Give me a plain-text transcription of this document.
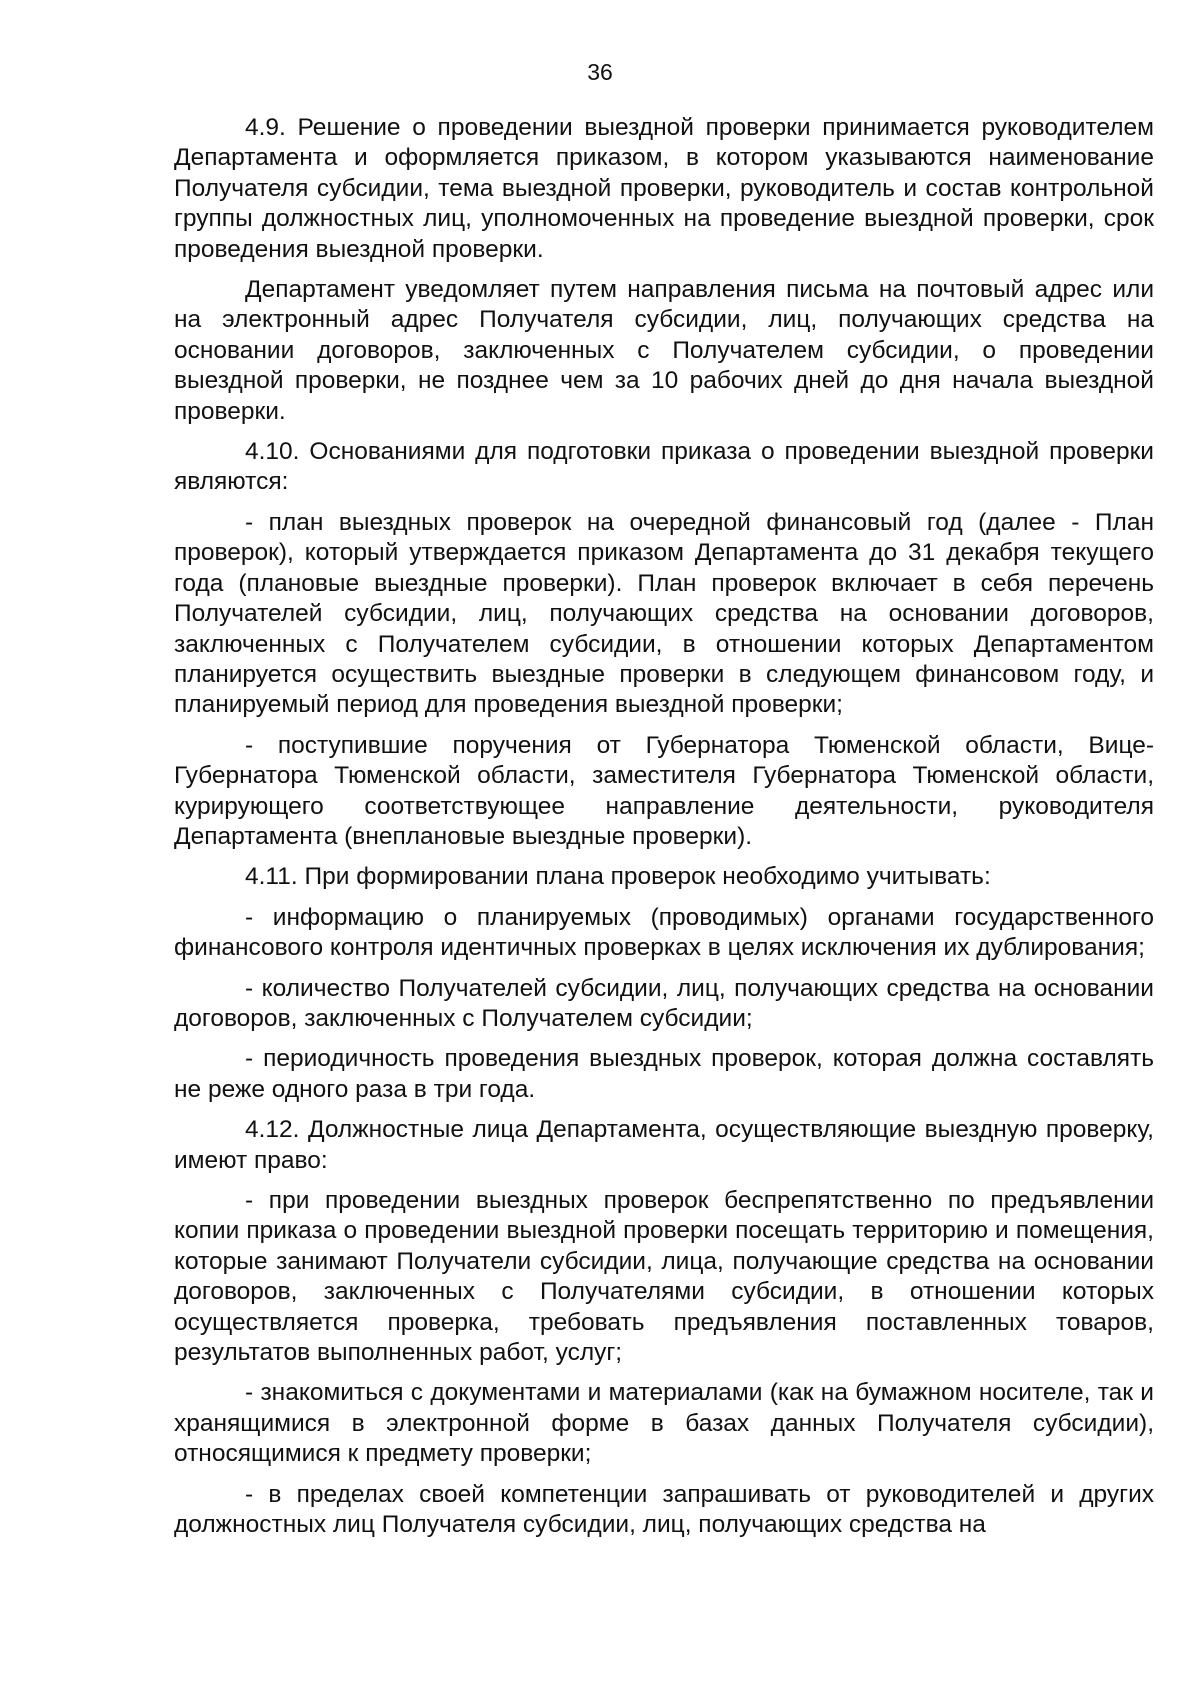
36

4.9. Решение о проведении выездной проверки принимается руководителем Департамента и оформляется приказом, в котором указываются наименование Получателя субсидии, тема выездной проверки, руководитель и состав контрольной группы должностных лиц, уполномоченных на проведение выездной проверки, срок проведения выездной проверки.

Департамент уведомляет путем направления письма на почтовый адрес или на электронный адрес Получателя субсидии, лиц, получающих средства на основании договоров, заключенных с Получателем субсидии, о проведении выездной проверки, не позднее чем за 10 рабочих дней до дня начала выездной проверки.

4.10. Основаниями для подготовки приказа о проведении выездной проверки являются:

- план выездных проверок на очередной финансовый год (далее - План проверок), который утверждается приказом Департамента до 31 декабря текущего года (плановые выездные проверки). План проверок включает в себя перечень Получателей субсидии, лиц, получающих средства на основании договоров, заключенных с Получателем субсидии, в отношении которых Департаментом планируется осуществить выездные проверки в следующем финансовом году, и планируемый период для проведения выездной проверки;

- поступившие поручения от Губернатора Тюменской области, Вице-Губернатора Тюменской области, заместителя Губернатора Тюменской области, курирующего соответствующее направление деятельности, руководителя Департамента (внеплановые выездные проверки).

4.11. При формировании плана проверок необходимо учитывать:

- информацию о планируемых (проводимых) органами государственного финансового контроля идентичных проверках в целях исключения их дублирования;

- количество Получателей субсидии, лиц, получающих средства на основании договоров, заключенных с Получателем субсидии;

- периодичность проведения выездных проверок, которая должна составлять не реже одного раза в три года.

4.12. Должностные лица Департамента, осуществляющие выездную проверку, имеют право:

- при проведении выездных проверок беспрепятственно по предъявлении копии приказа о проведении выездной проверки посещать территорию и помещения, которые занимают Получатели субсидии, лица, получающие средства на основании договоров, заключенных с Получателями субсидии, в отношении которых осуществляется проверка, требовать предъявления поставленных товаров, результатов выполненных работ, услуг;

- знакомиться с документами и материалами (как на бумажном носителе, так и хранящимися в электронной форме в базах данных Получателя субсидии), относящимися к предмету проверки;

- в пределах своей компетенции запрашивать от руководителей и других должностных лиц Получателя субсидии, лиц, получающих средства на
